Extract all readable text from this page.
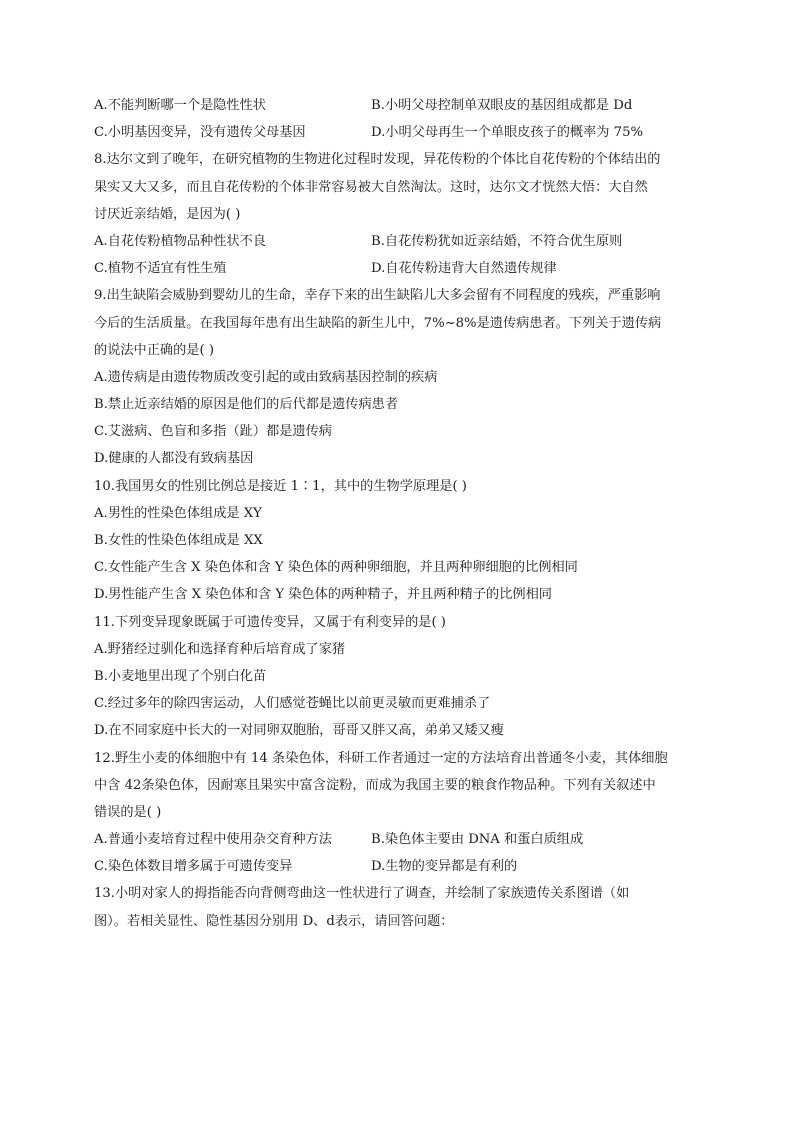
A.不能判断哪一个是隐性性状	B.小明父母控制单双眼皮的基因组成都是 Dd
C.小明基因变异，没有遗传父母基因	D.小明父母再生一个单眼皮孩子的概率为 75%
8.达尔文到了晚年，在研究植物的生物进化过程时发现，异花传粉的个体比自花传粉的个体结出的
果实又大又多，而且自花传粉的个体非常容易被大自然淘汰。这时，达尔文才恍然大悟：大自然
讨厌近亲结婚，是因为( )
A.自花传粉植物品种性状不良	B.自花传粉犹如近亲结婚，不符合优生原则
C.植物不适宜有性生殖	D.自花传粉违背大自然遗传规律
9.出生缺陷会威胁到婴幼儿的生命，幸存下来的出生缺陷儿大多会留有不同程度的残疾，严重影响
今后的生活质量。在我国每年患有出生缺陷的新生儿中，7%~8%是遗传病患者。下列关于遗传病
的说法中正确的是( )
A.遗传病是由遗传物质改变引起的或由致病基因控制的疾病
B.禁止近亲结婚的原因是他们的后代都是遗传病患者
C.艾滋病、色盲和多指（趾）都是遗传病
D.健康的人都没有致病基因
10.我国男女的性别比例总是接近 1∶1，其中的生物学原理是( )
A.男性的性染色体组成是 XY
B.女性的性染色体组成是 XX
C.女性能产生含 X 染色体和含 Y 染色体的两种卵细胞，并且两种卵细胞的比例相同
D.男性能产生含 X 染色体和含 Y 染色体的两种精子，并且两种精子的比例相同
11.下列变异现象既属于可遗传变异，又属于有利变异的是( )
A.野猪经过驯化和选择育种后培育成了家猪
B.小麦地里出现了个别白化苗
C.经过多年的除四害运动，人们感觉苍蝇比以前更灵敏而更难捕杀了
D.在不同家庭中长大的一对同卵双胞胎，哥哥又胖又高，弟弟又矮又瘦
12.野生小麦的体细胞中有 14 条染色体，科研工作者通过一定的方法培育出普通冬小麦，其体细胞
中含 42条染色体，因耐寒且果实中富含淀粉，而成为我国主要的粮食作物品种。下列有关叙述中
错误的是( )
A.普通小麦培育过程中使用杂交育种方法	B.染色体主要由 DNA 和蛋白质组成
C.染色体数目增多属于可遗传变异	D.生物的变异都是有利的
13.小明对家人的拇指能否向背侧弯曲这一性状进行了调查，并绘制了家族遗传关系图谱（如
图）。若相关显性、隐性基因分别用 D、d表示，请回答问题：
